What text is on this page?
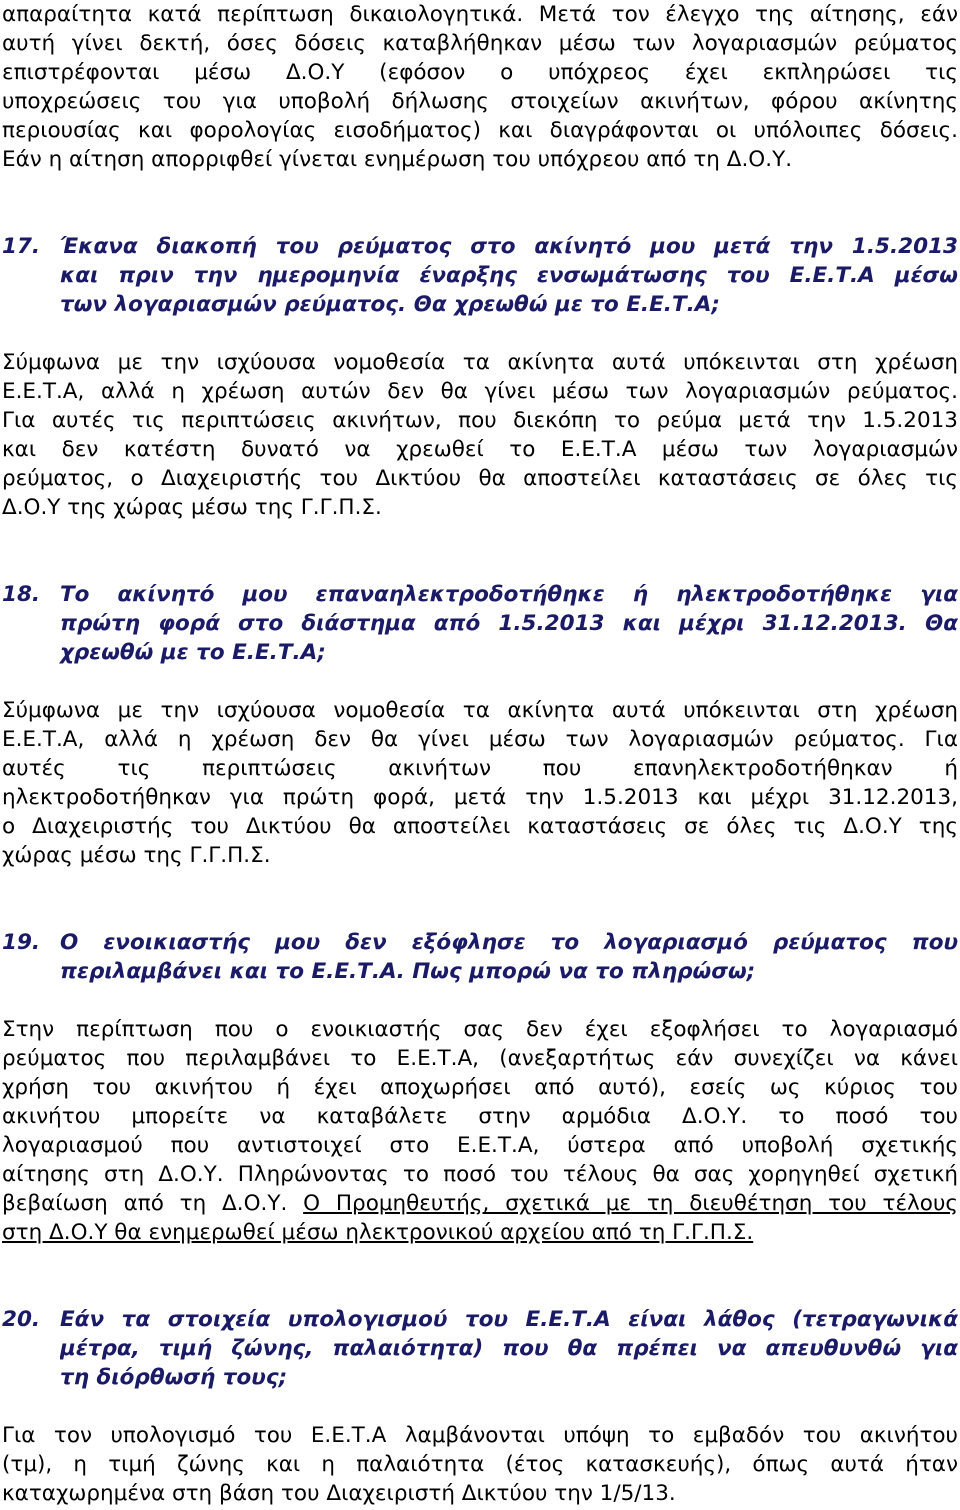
απαραίτητα κατά περίπτωση δικαιολογητικά. Μετά τον έλεγχο της αίτησης, εάν
αυτή γίνει δεκτή, όσες δόσεις καταβλήθηκαν μέσω των λογαριασμών ρεύματος
επιστρέφονται μέσω Δ.Ο.Υ (εφόσον ο υπόχρεος έχει εκπληρώσει τις
υποχρεώσεις του για υποβολή δήλωσης στοιχείων ακινήτων, φόρου ακίνητης
περιουσίας και φορολογίας εισοδήματος) και διαγράφονται οι υπόλοιπες δόσεις.
Εάν η αίτηση απορριφθεί γίνεται ενημέρωση του υπόχρεου από τη Δ.Ο.Υ.
17. Έκανα διακοπή του ρεύματος στο ακίνητό μου μετά την 1.5.2013
και πριν την ημερομηνία έναρξης ενσωμάτωσης του Ε.Ε.Τ.Α μέσω
των λογαριασμών ρεύματος. Θα χρεωθώ με το Ε.Ε.Τ.Α;
Σύμφωνα με την ισχύουσα νομοθεσία τα ακίνητα αυτά υπόκεινται στη χρέωση
Ε.Ε.Τ.Α, αλλά η χρέωση αυτών δεν θα γίνει μέσω των λογαριασμών ρεύματος.
Για αυτές τις περιπτώσεις ακινήτων, που διεκόπη το ρεύμα μετά την 1.5.2013
και δεν κατέστη δυνατό να χρεωθεί το Ε.Ε.Τ.Α μέσω των λογαριασμών
ρεύματος, ο Διαχειριστής του Δικτύου θα αποστείλει καταστάσεις σε όλες τις
Δ.Ο.Υ της χώρας μέσω της Γ.Γ.Π.Σ.
18. Το ακίνητό μου επαναηλεκτροδοτήθηκε ή ηλεκτροδοτήθηκε για
πρώτη φορά στο διάστημα από 1.5.2013 και μέχρι 31.12.2013. Θα
χρεωθώ με το Ε.Ε.Τ.Α;
Σύμφωνα με την ισχύουσα νομοθεσία τα ακίνητα αυτά υπόκεινται στη χρέωση
Ε.Ε.Τ.Α, αλλά η χρέωση δεν θα γίνει μέσω των λογαριασμών ρεύματος. Για
αυτές τις περιπτώσεις ακινήτων που επανηλεκτροδοτήθηκαν ή
ηλεκτροδοτήθηκαν για πρώτη φορά, μετά την 1.5.2013 και μέχρι 31.12.2013,
ο Διαχειριστής του Δικτύου θα αποστείλει καταστάσεις σε όλες τις Δ.Ο.Υ της
χώρας μέσω της Γ.Γ.Π.Σ.
19. Ο ενοικιαστής μου δεν εξόφλησε το λογαριασμό ρεύματος που
περιλαμβάνει και το Ε.Ε.Τ.Α. Πως μπορώ να το πληρώσω;
Στην περίπτωση που ο ενοικιαστής σας δεν έχει εξοφλήσει το λογαριασμό
ρεύματος που περιλαμβάνει το Ε.Ε.Τ.Α, (ανεξαρτήτως εάν συνεχίζει να κάνει
χρήση του ακινήτου ή έχει αποχωρήσει από αυτό), εσείς ως κύριος του
ακινήτου μπορείτε να καταβάλετε στην αρμόδια Δ.Ο.Υ. το ποσό του
λογαριασμού που αντιστοιχεί στο Ε.Ε.Τ.Α, ύστερα από υποβολή σχετικής
αίτησης στη Δ.Ο.Υ. Πληρώνοντας το ποσό του τέλους θα σας χορηγηθεί σχετική
βεβαίωση από τη Δ.Ο.Υ. Ο Προμηθευτής, σχετικά με τη διευθέτηση του τέλους
στη Δ.Ο.Υ θα ενημερωθεί μέσω ηλεκτρονικού αρχείου από τη Γ.Γ.Π.Σ.
20. Εάν τα στοιχεία υπολογισμού του Ε.Ε.Τ.Α είναι λάθος (τετραγωνικά
μέτρα, τιμή ζώνης, παλαιότητα) που θα πρέπει να απευθυνθώ για
τη διόρθωσή τους;
Για τον υπολογισμό του Ε.Ε.Τ.Α λαμβάνονται υπόψη το εμβαδόν του ακινήτου
(τμ), η τιμή ζώνης και η παλαιότητα (έτος κατασκευής), όπως αυτά ήταν
καταχωρημένα στη βάση του Διαχειριστή Δικτύου την 1/5/13.
